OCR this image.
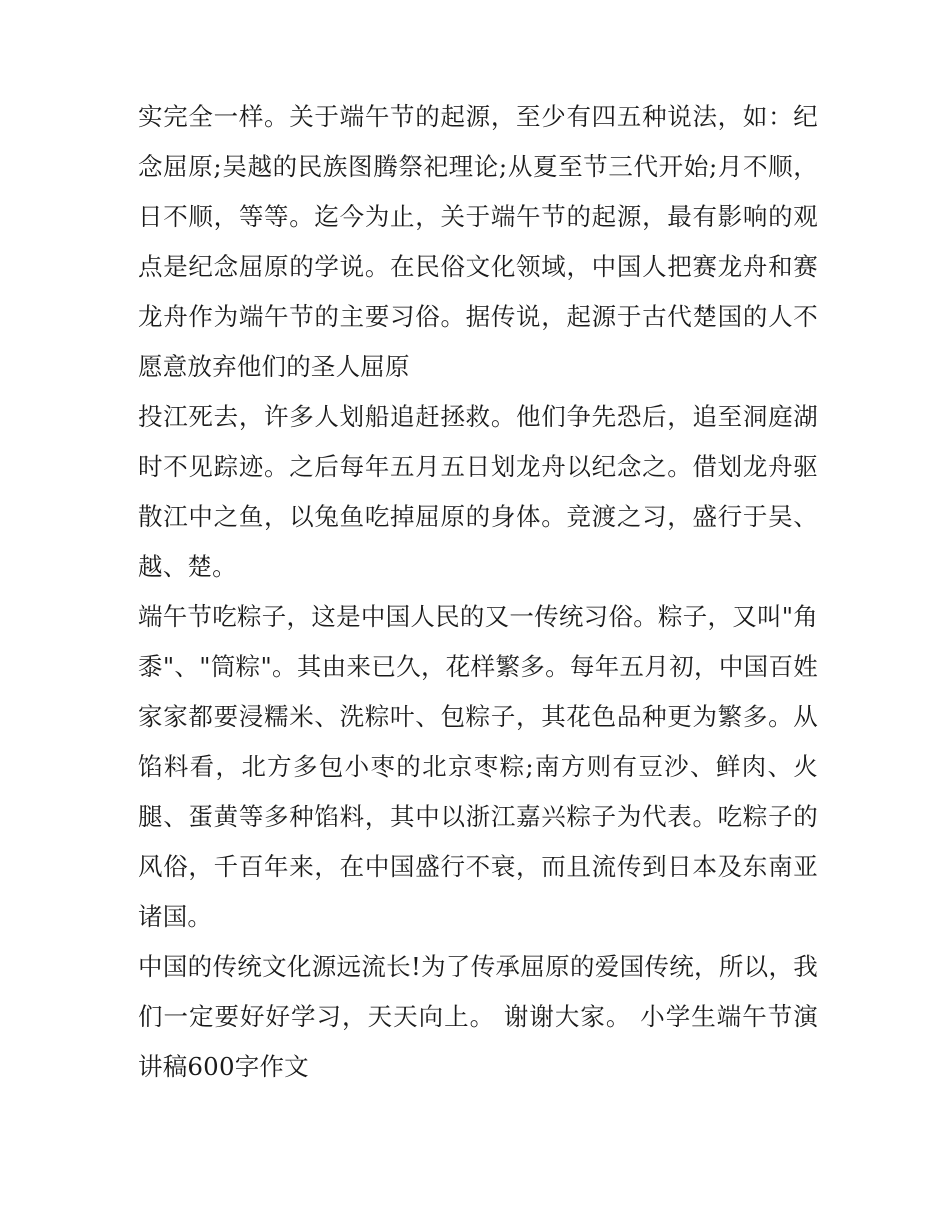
实完全一样。关于端午节的起源，至少有四五种说法，如：纪念屈原;吴越的民族图腾祭祀理论;从夏至节三代开始;月不顺，日不顺，等等。迄今为止，关于端午节的起源，最有影响的观点是纪念屈原的学说。在民俗文化领域，中国人把赛龙舟和赛龙舟作为端午节的主要习俗。据传说，起源于古代楚国的人不愿意放弃他们的圣人屈原

投江死去，许多人划船追赶拯救。他们争先恐后，追至洞庭湖时不见踪迹。之后每年五月五日划龙舟以纪念之。借划龙舟驱散江中之鱼，以兔鱼吃掉屈原的身体。竞渡之习，盛行于吴、越、楚。

端午节吃粽子，这是中国人民的又一传统习俗。粽子，又叫"角黍"、"筒粽"。其由来已久，花样繁多。每年五月初，中国百姓家家都要浸糯米、洗粽叶、包粽子，其花色品种更为繁多。从馅料看，北方多包小枣的北京枣粽;南方则有豆沙、鲜肉、火腿、蛋黄等多种馅料，其中以浙江嘉兴粽子为代表。吃粽子的风俗，千百年来，在中国盛行不衰，而且流传到日本及东南亚诸国。

中国的传统文化源远流长!为了传承屈原的爱国传统，所以，我们一定要好好学习，天天向上。 谢谢大家。 小学生端午节演讲稿600字作文
